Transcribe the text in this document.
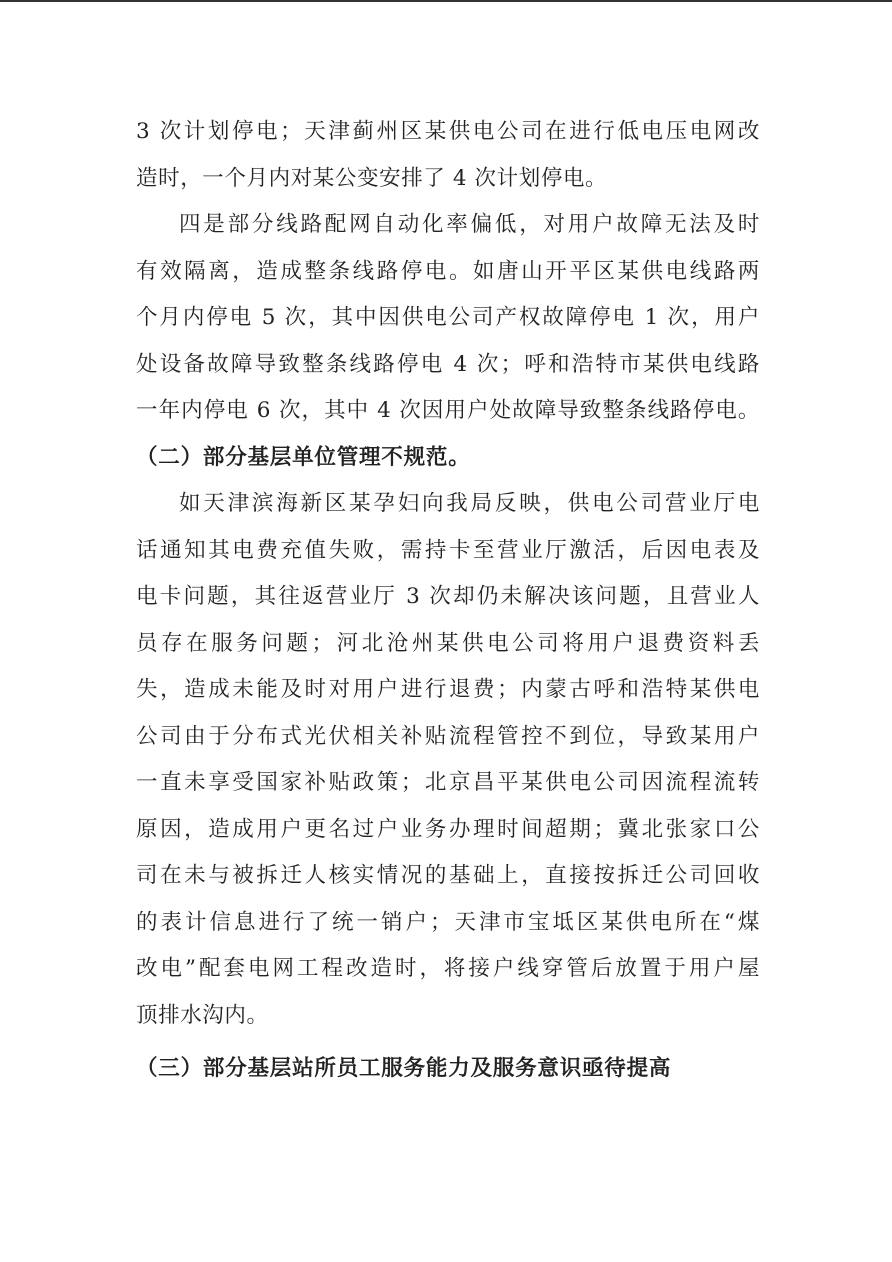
3 次计划停电；天津蓟州区某供电公司在进行低电压电网改
造时，一个月内对某公变安排了 4 次计划停电。
四是部分线路配网自动化率偏低，对用户故障无法及时
有效隔离，造成整条线路停电。如唐山开平区某供电线路两
个月内停电 5 次，其中因供电公司产权故障停电 1 次，用户
处设备故障导致整条线路停电 4 次；呼和浩特市某供电线路
一年内停电 6 次，其中 4 次因用户处故障导致整条线路停电。
（二）部分基层单位管理不规范。
如天津滨海新区某孕妇向我局反映，供电公司营业厅电
话通知其电费充值失败，需持卡至营业厅激活，后因电表及
电卡问题，其往返营业厅 3 次却仍未解决该问题，且营业人
员存在服务问题；河北沧州某供电公司将用户退费资料丢
失，造成未能及时对用户进行退费；内蒙古呼和浩特某供电
公司由于分布式光伏相关补贴流程管控不到位，导致某用户
一直未享受国家补贴政策；北京昌平某供电公司因流程流转
原因，造成用户更名过户业务办理时间超期；冀北张家口公
司在未与被拆迁人核实情况的基础上，直接按拆迁公司回收
的表计信息进行了统一销户；天津市宝坻区某供电所在“煤
改电”配套电网工程改造时，将接户线穿管后放置于用户屋
顶排水沟内。
（三）部分基层站所员工服务能力及服务意识亟待提高
